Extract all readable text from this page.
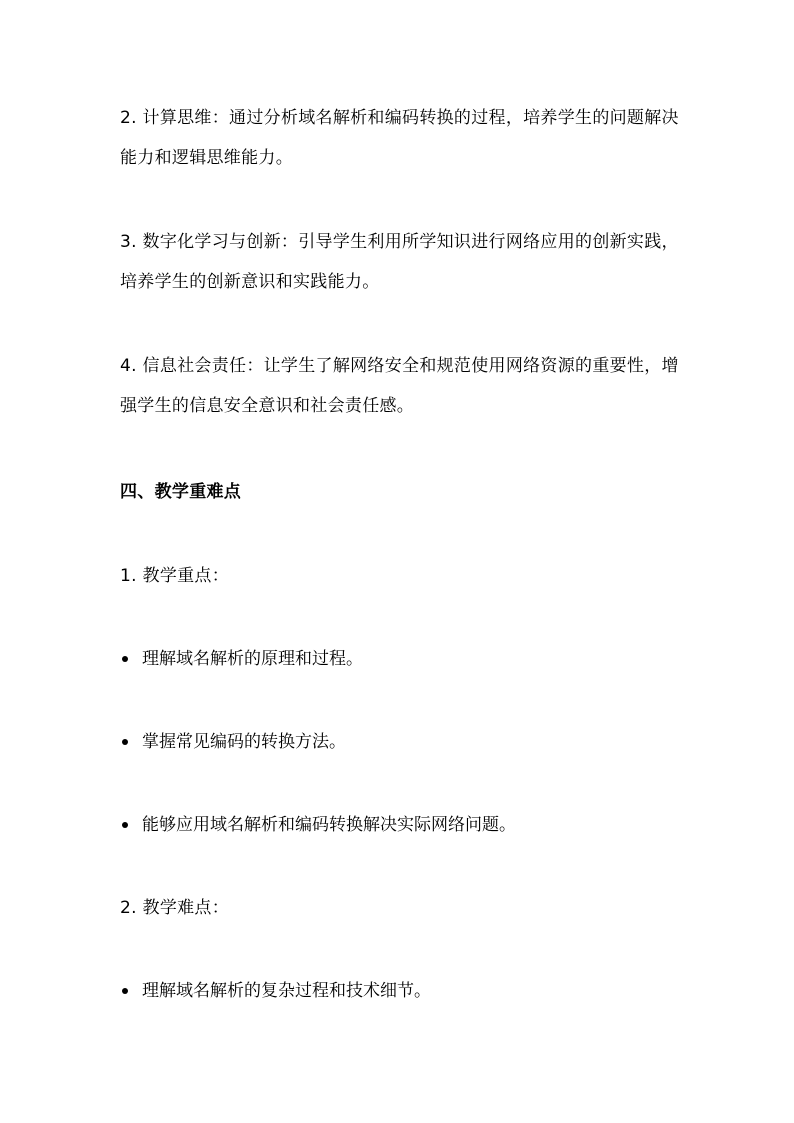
2. 计算思维：通过分析域名解析和编码转换的过程，培养学生的问题解决能力和逻辑思维能力。
3. 数字化学习与创新：引导学生利用所学知识进行网络应用的创新实践，培养学生的创新意识和实践能力。
4. 信息社会责任：让学生了解网络安全和规范使用网络资源的重要性，增强学生的信息安全意识和社会责任感。
四、教学重难点
1. 教学重点：
理解域名解析的原理和过程。
掌握常见编码的转换方法。
能够应用域名解析和编码转换解决实际网络问题。
2. 教学难点：
理解域名解析的复杂过程和技术细节。
